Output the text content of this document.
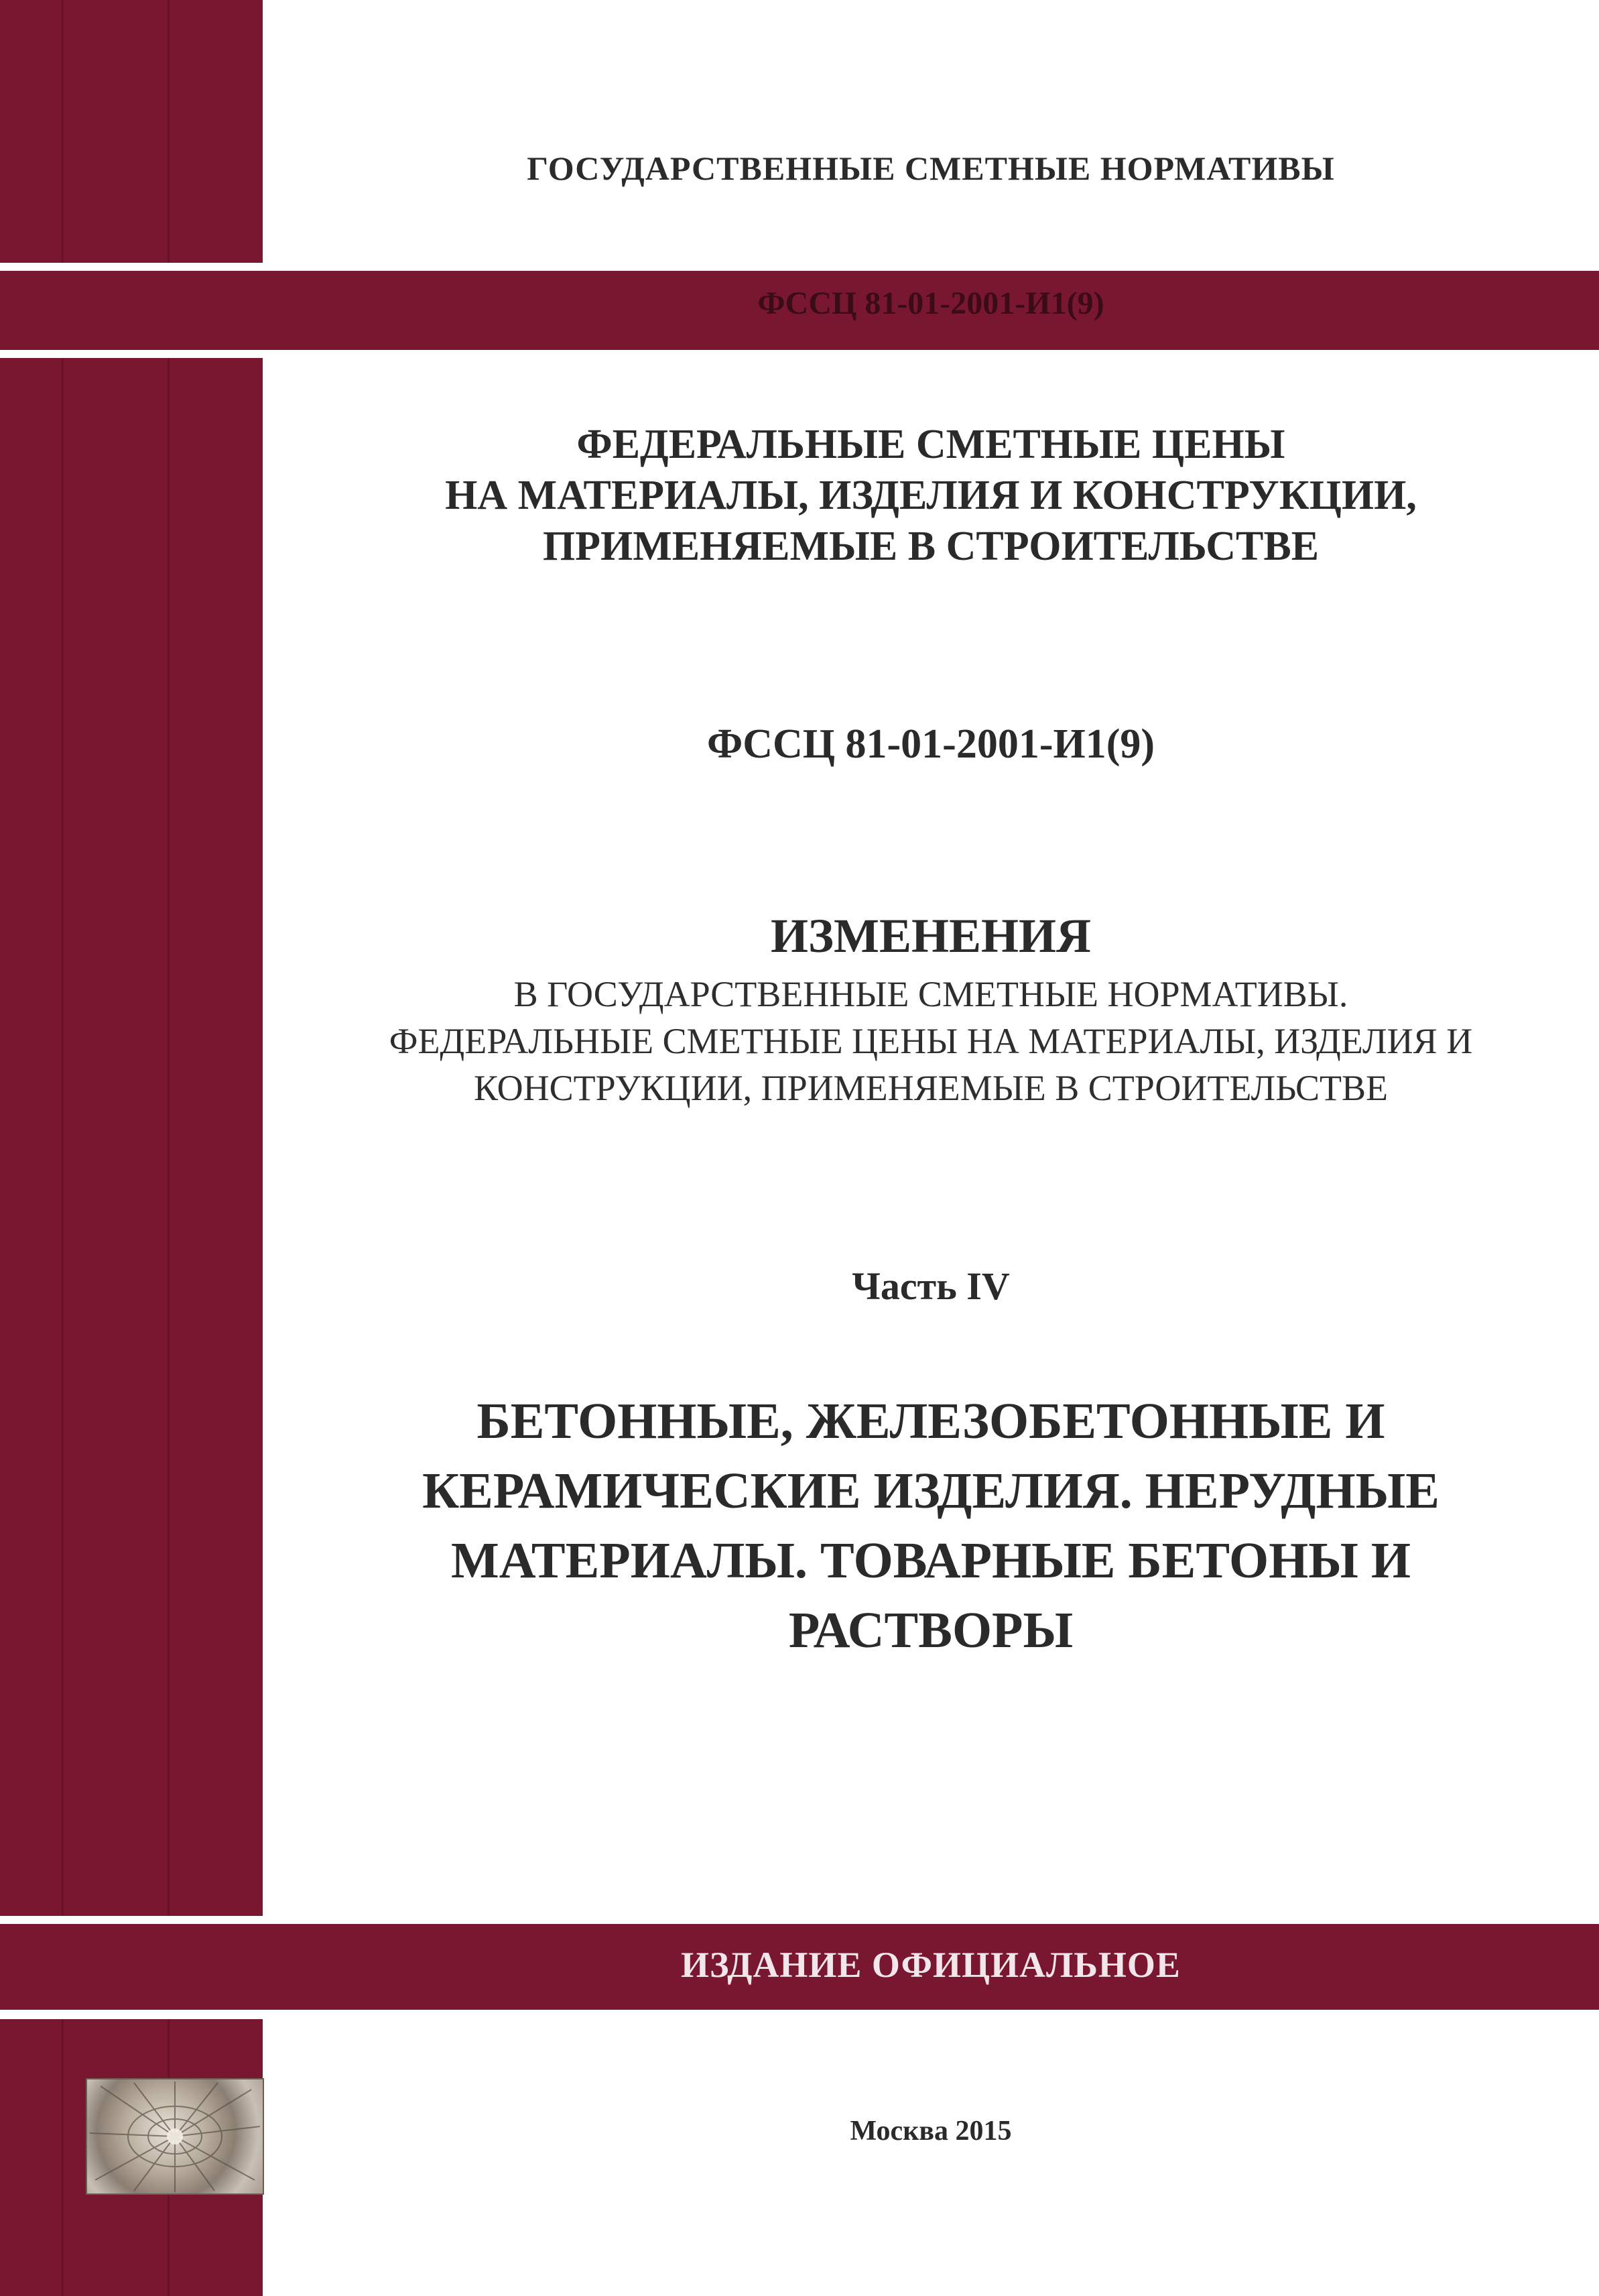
ГОСУДАРСТВЕННЫЕ СМЕТНЫЕ НОРМАТИВЫ

ФССЦ 81-01-2001-И1(9)

ФЕДЕРАЛЬНЫЕ СМЕТНЫЕ ЦЕНЫ
НА МАТЕРИАЛЫ, ИЗДЕЛИЯ И КОНСТРУКЦИИ,
ПРИМЕНЯЕМЫЕ В СТРОИТЕЛЬСТВЕ

ФССЦ 81-01-2001-И1(9)

ИЗМЕНЕНИЯ

В ГОСУДАРСТВЕННЫЕ СМЕТНЫЕ НОРМАТИВЫ.
ФЕДЕРАЛЬНЫЕ СМЕТНЫЕ ЦЕНЫ НА МАТЕРИАЛЫ, ИЗДЕЛИЯ И
КОНСТРУКЦИИ, ПРИМЕНЯЕМЫЕ В СТРОИТЕЛЬСТВЕ

Часть IV

БЕТОННЫЕ, ЖЕЛЕЗОБЕТОННЫЕ И
КЕРАМИЧЕСКИЕ ИЗДЕЛИЯ. НЕРУДНЫЕ
МАТЕРИАЛЫ. ТОВАРНЫЕ БЕТОНЫ И
РАСТВОРЫ

ИЗДАНИЕ ОФИЦИАЛЬНОЕ

Москва 2015
